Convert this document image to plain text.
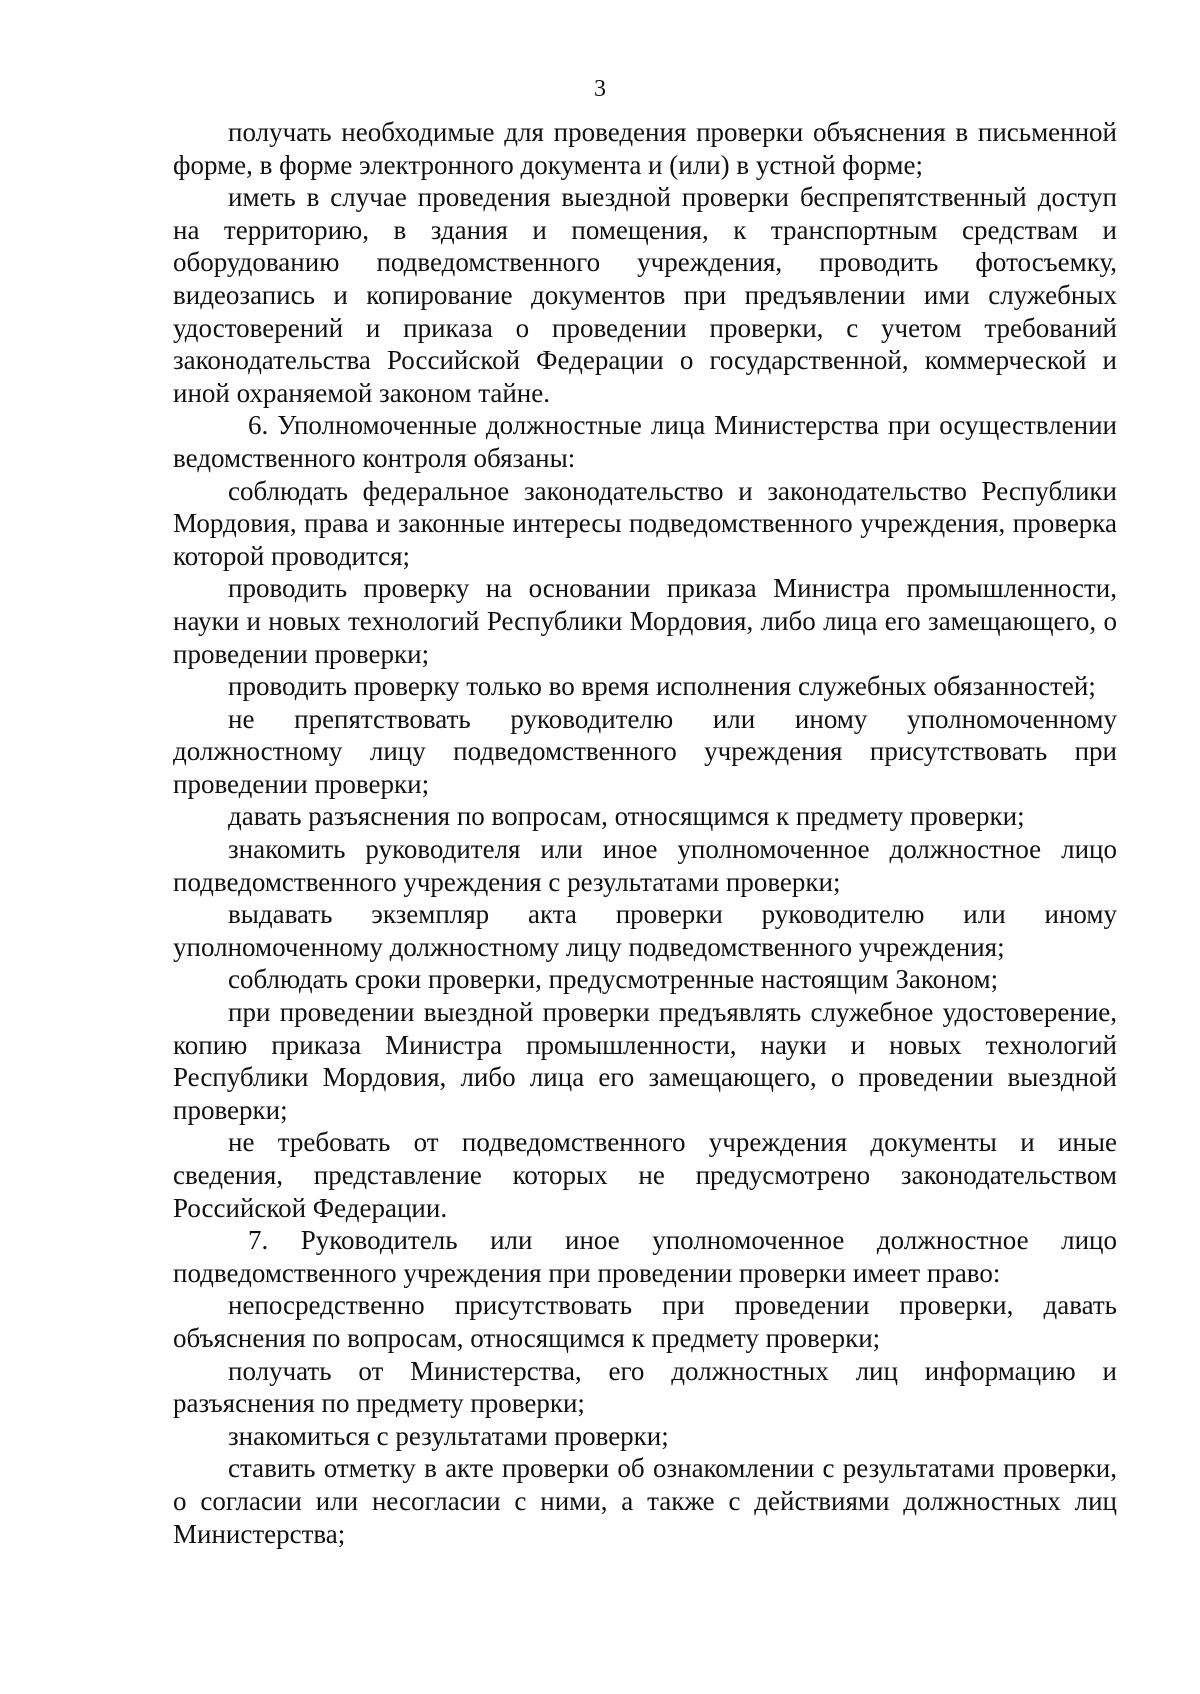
3

получать необходимые для проведения проверки объяснения в письменной форме, в форме электронного документа и (или) в устной форме;

иметь в случае проведения выездной проверки беспрепятственный доступ на территорию, в здания и помещения, к транспортным средствам и оборудованию подведомственного учреждения, проводить фотосъемку, видеозапись и копирование документов при предъявлении ими служебных удостоверений и приказа о проведении проверки, с учетом требований законодательства Российской Федерации о государственной, коммерческой и иной охраняемой законом тайне.

6. Уполномоченные должностные лица Министерства при осуществлении ведомственного контроля обязаны:

соблюдать федеральное законодательство и законодательство Республики Мордовия, права и законные интересы подведомственного учреждения, проверка которой проводится;

проводить проверку на основании приказа Министра промышленности, науки и новых технологий Республики Мордовия, либо лица его замещающего, о проведении проверки;

проводить проверку только во время исполнения служебных обязанностей;

не препятствовать руководителю или иному уполномоченному должностному лицу подведомственного учреждения присутствовать при проведении проверки;

давать разъяснения по вопросам, относящимся к предмету проверки;

знакомить руководителя или иное уполномоченное должностное лицо подведомственного учреждения с результатами проверки;

выдавать экземпляр акта проверки руководителю или иному уполномоченному должностному лицу подведомственного учреждения;

соблюдать сроки проверки, предусмотренные настоящим Законом;

при проведении выездной проверки предъявлять служебное удостоверение, копию приказа Министра промышленности, науки и новых технологий Республики Мордовия, либо лица его замещающего, о проведении выездной проверки;

не требовать от подведомственного учреждения документы и иные сведения, представление которых не предусмотрено законодательством Российской Федерации.

7. Руководитель или иное уполномоченное должностное лицо подведомственного учреждения при проведении проверки имеет право:

непосредственно присутствовать при проведении проверки, давать объяснения по вопросам, относящимся к предмету проверки;

получать от Министерства, его должностных лиц информацию и разъяснения по предмету проверки;

знакомиться с результатами проверки;

ставить отметку в акте проверки об ознакомлении с результатами проверки, о согласии или несогласии с ними, а также с действиями должностных лиц Министерства;
